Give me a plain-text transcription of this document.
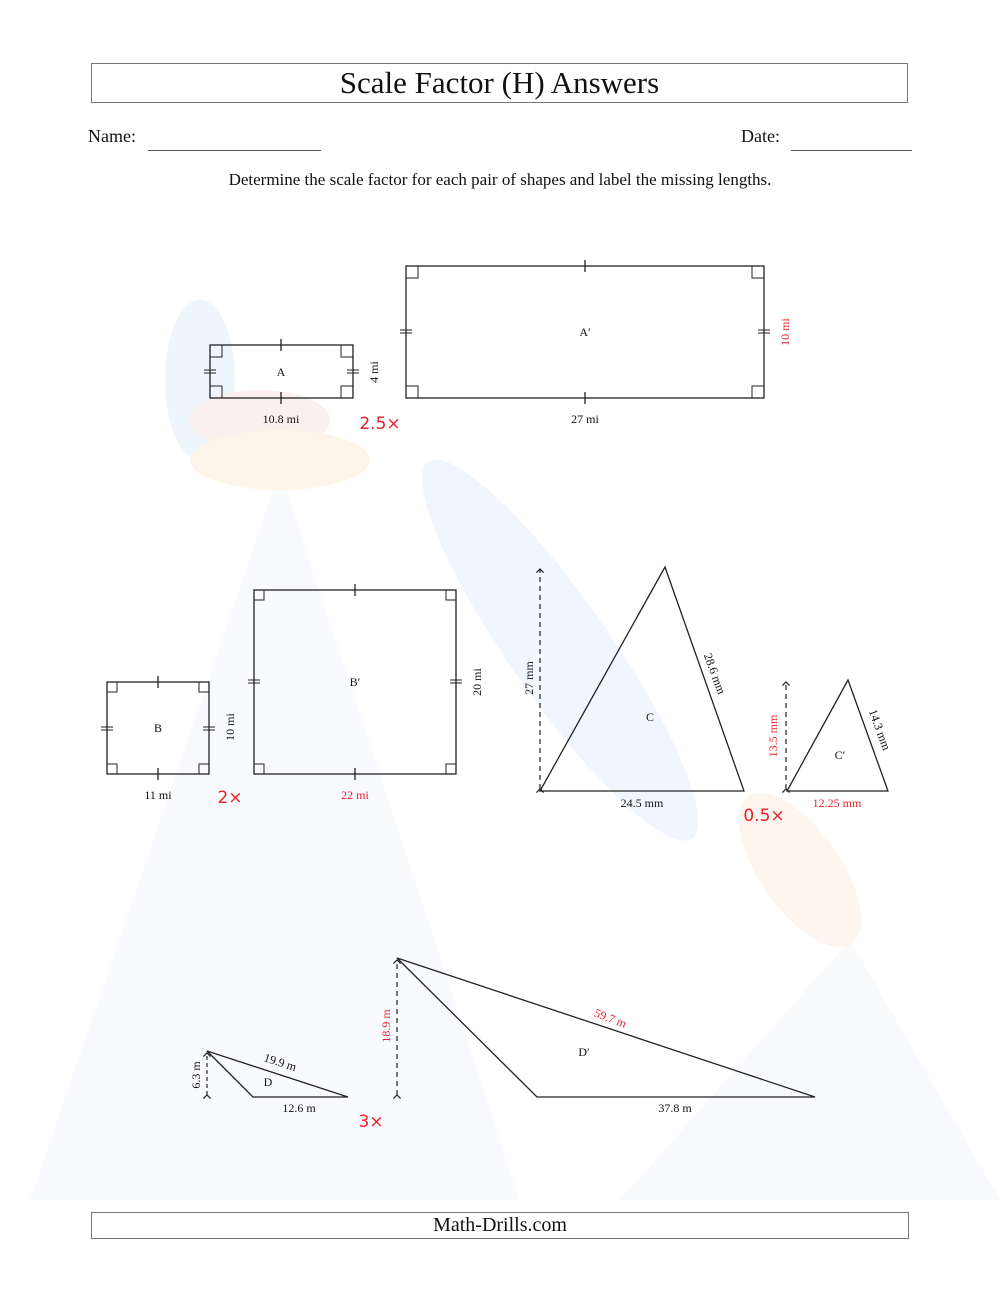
Scale Factor (H) Answers
Name:	Date:
Determine the scale factor for each pair of shapes and label the missing lengths.
A
10.8 mi
4 mi
2.5×
A′
27 mi
10 mi
B
11 mi
10 mi
2×
B′
22 mi
20 mi
C
24.5 mm
27 mm	28.6 mm
C′
12.25 mm
13.5 mm	14.3 mm
0.5×
D
12.6 m
6.3 m	19.9 m
3×
D′
37.8 m
18.9 m	59.7 m
Math-Drills.com
